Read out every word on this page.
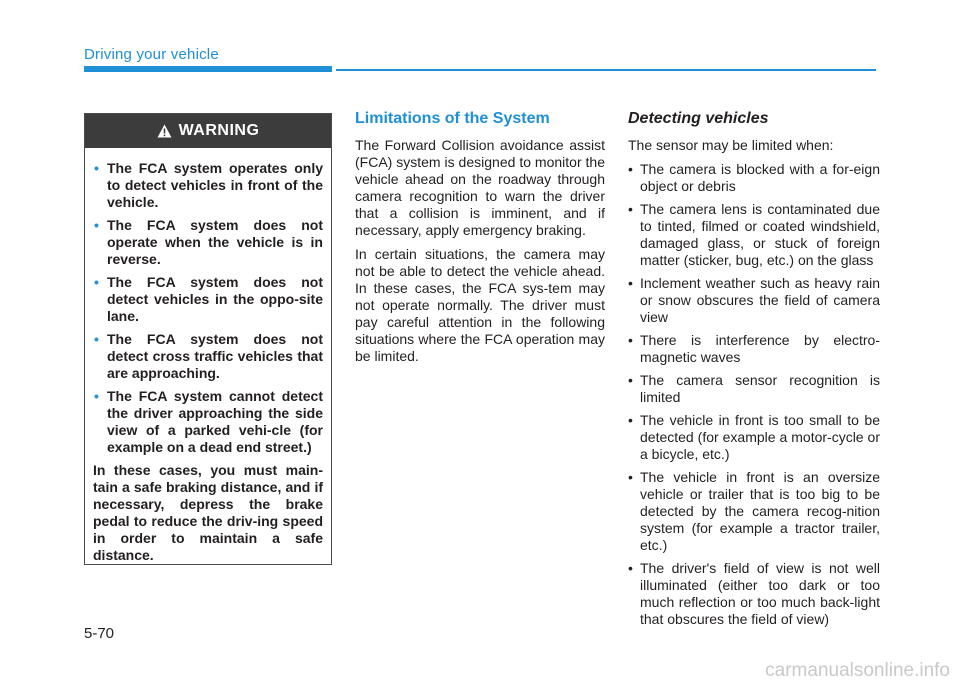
Driving your vehicle
WARNING
• The FCA system operates only to detect vehicles in front of the vehicle.
• The FCA system does not operate when the vehicle is in reverse.
• The FCA system does not detect vehicles in the oppo-site lane.
• The FCA system does not detect cross traffic vehicles that are approaching.
• The FCA system cannot detect the driver approaching the side view of a parked vehi-cle (for example on a dead end street.)

In these cases, you must main-tain a safe braking distance, and if necessary, depress the brake pedal to reduce the driv-ing speed in order to maintain a safe distance.

Limitations of the System

The Forward Collision avoidance assist (FCA) system is designed to monitor the vehicle ahead on the roadway through camera recognition to warn the driver that a collision is imminent, and if necessary, apply emergency braking.

In certain situations, the camera may not be able to detect the vehicle ahead. In these cases, the FCA sys-tem may not operate normally. The driver must pay careful attention in the following situations where the FCA operation may be limited.

Detecting vehicles

The sensor may be limited when:

• The camera is blocked with a for-eign object or debris
• The camera lens is contaminated due to tinted, filmed or coated windshield, damaged glass, or stuck of foreign matter (sticker, bug, etc.) on the glass
• Inclement weather such as heavy rain or snow obscures the field of camera view
• There is interference by electro-magnetic waves
• The camera sensor recognition is limited
• The vehicle in front is too small to be detected (for example a motor-cycle or a bicycle, etc.)
• The vehicle in front is an oversize vehicle or trailer that is too big to be detected by the camera recog-nition system (for example a tractor trailer, etc.)
• The driver's field of view is not well illuminated (either too dark or too much reflection or too much back-light that obscures the field of view)
5-70
carmanualsonline.info
